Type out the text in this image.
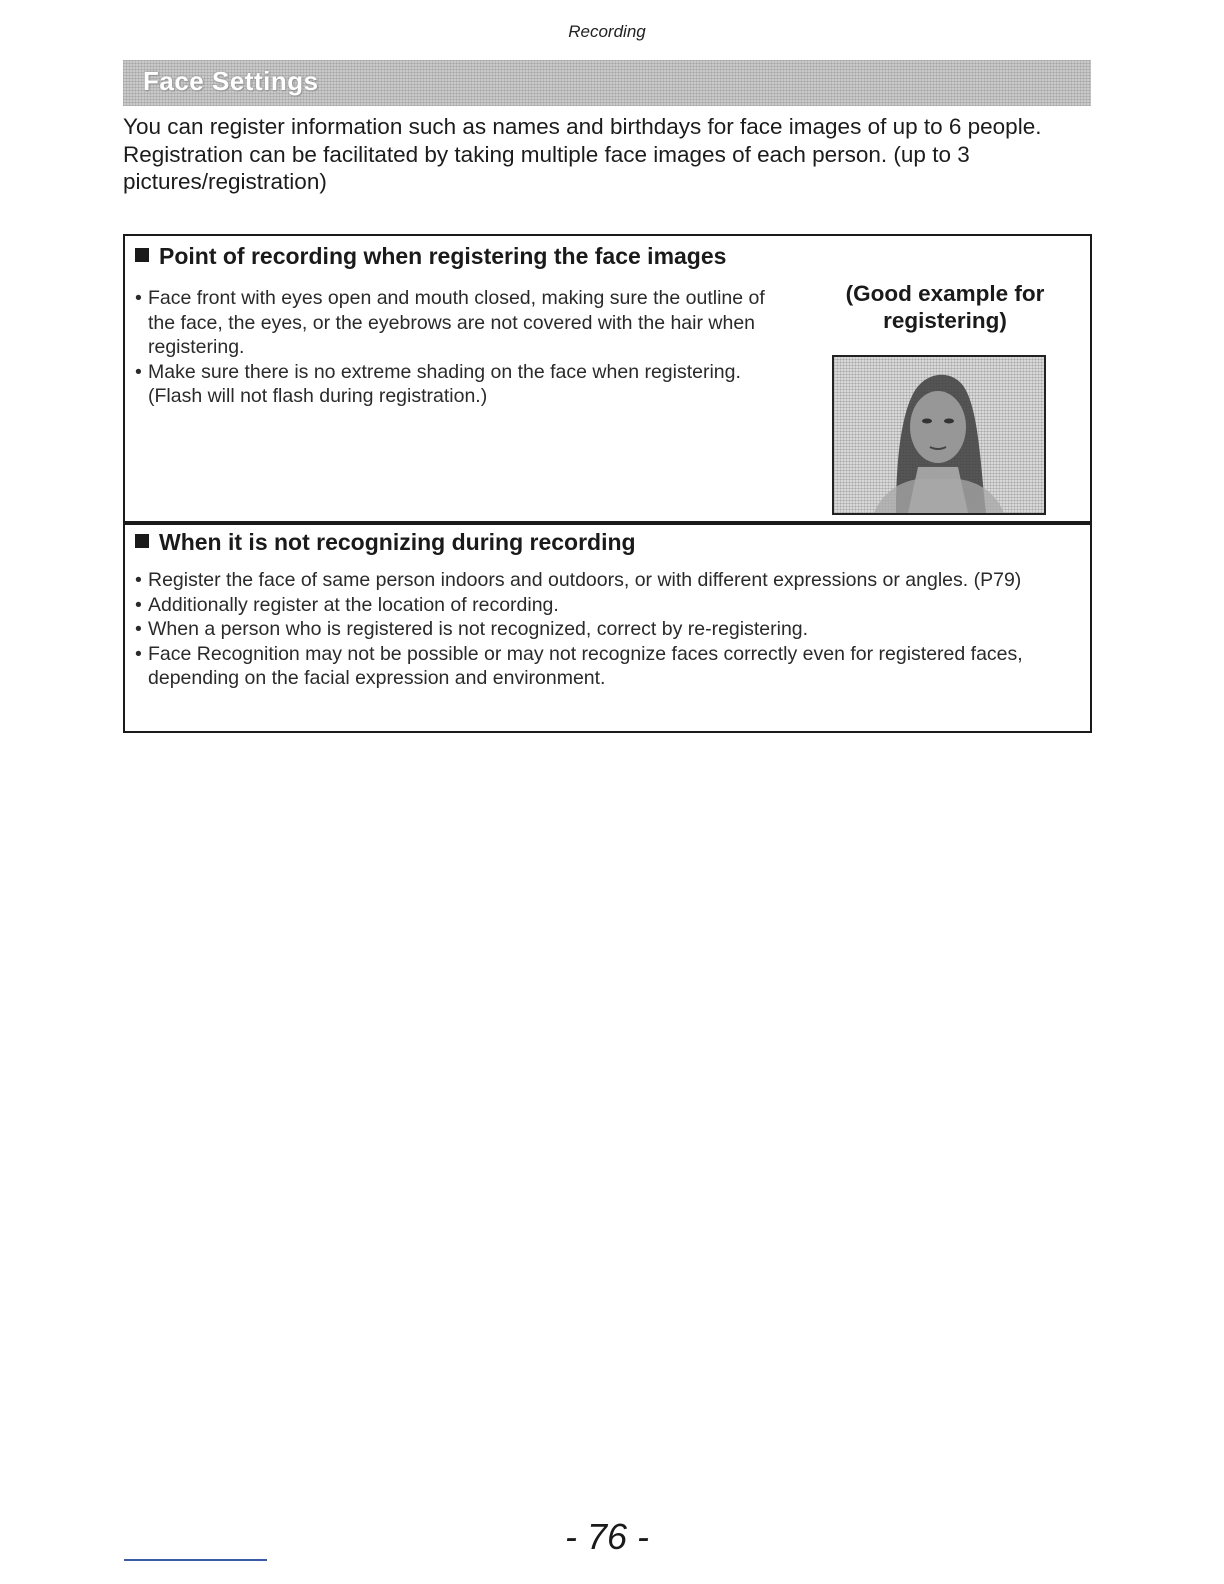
Recording
Face Settings

You can register information such as names and birthdays for face images of up to 6 people.

Registration can be facilitated by taking multiple face images of each person. (up to 3 pictures/registration)

Point of recording when registering the face images
• Face front with eyes open and mouth closed, making sure the outline of the face, the eyes, or the eyebrows are not covered with the hair when registering.
• Make sure there is no extreme shading on the face when registering. (Flash will not flash during registration.)
(Good example for registering)
When it is not recognizing during recording
• Register the face of same person indoors and outdoors, or with different expressions or angles. (P79)
• Additionally register at the location of recording.
• When a person who is registered is not recognized, correct by re-registering.
• Face Recognition may not be possible or may not recognize faces correctly even for registered faces, depending on the facial expression and environment.
- 76 -
